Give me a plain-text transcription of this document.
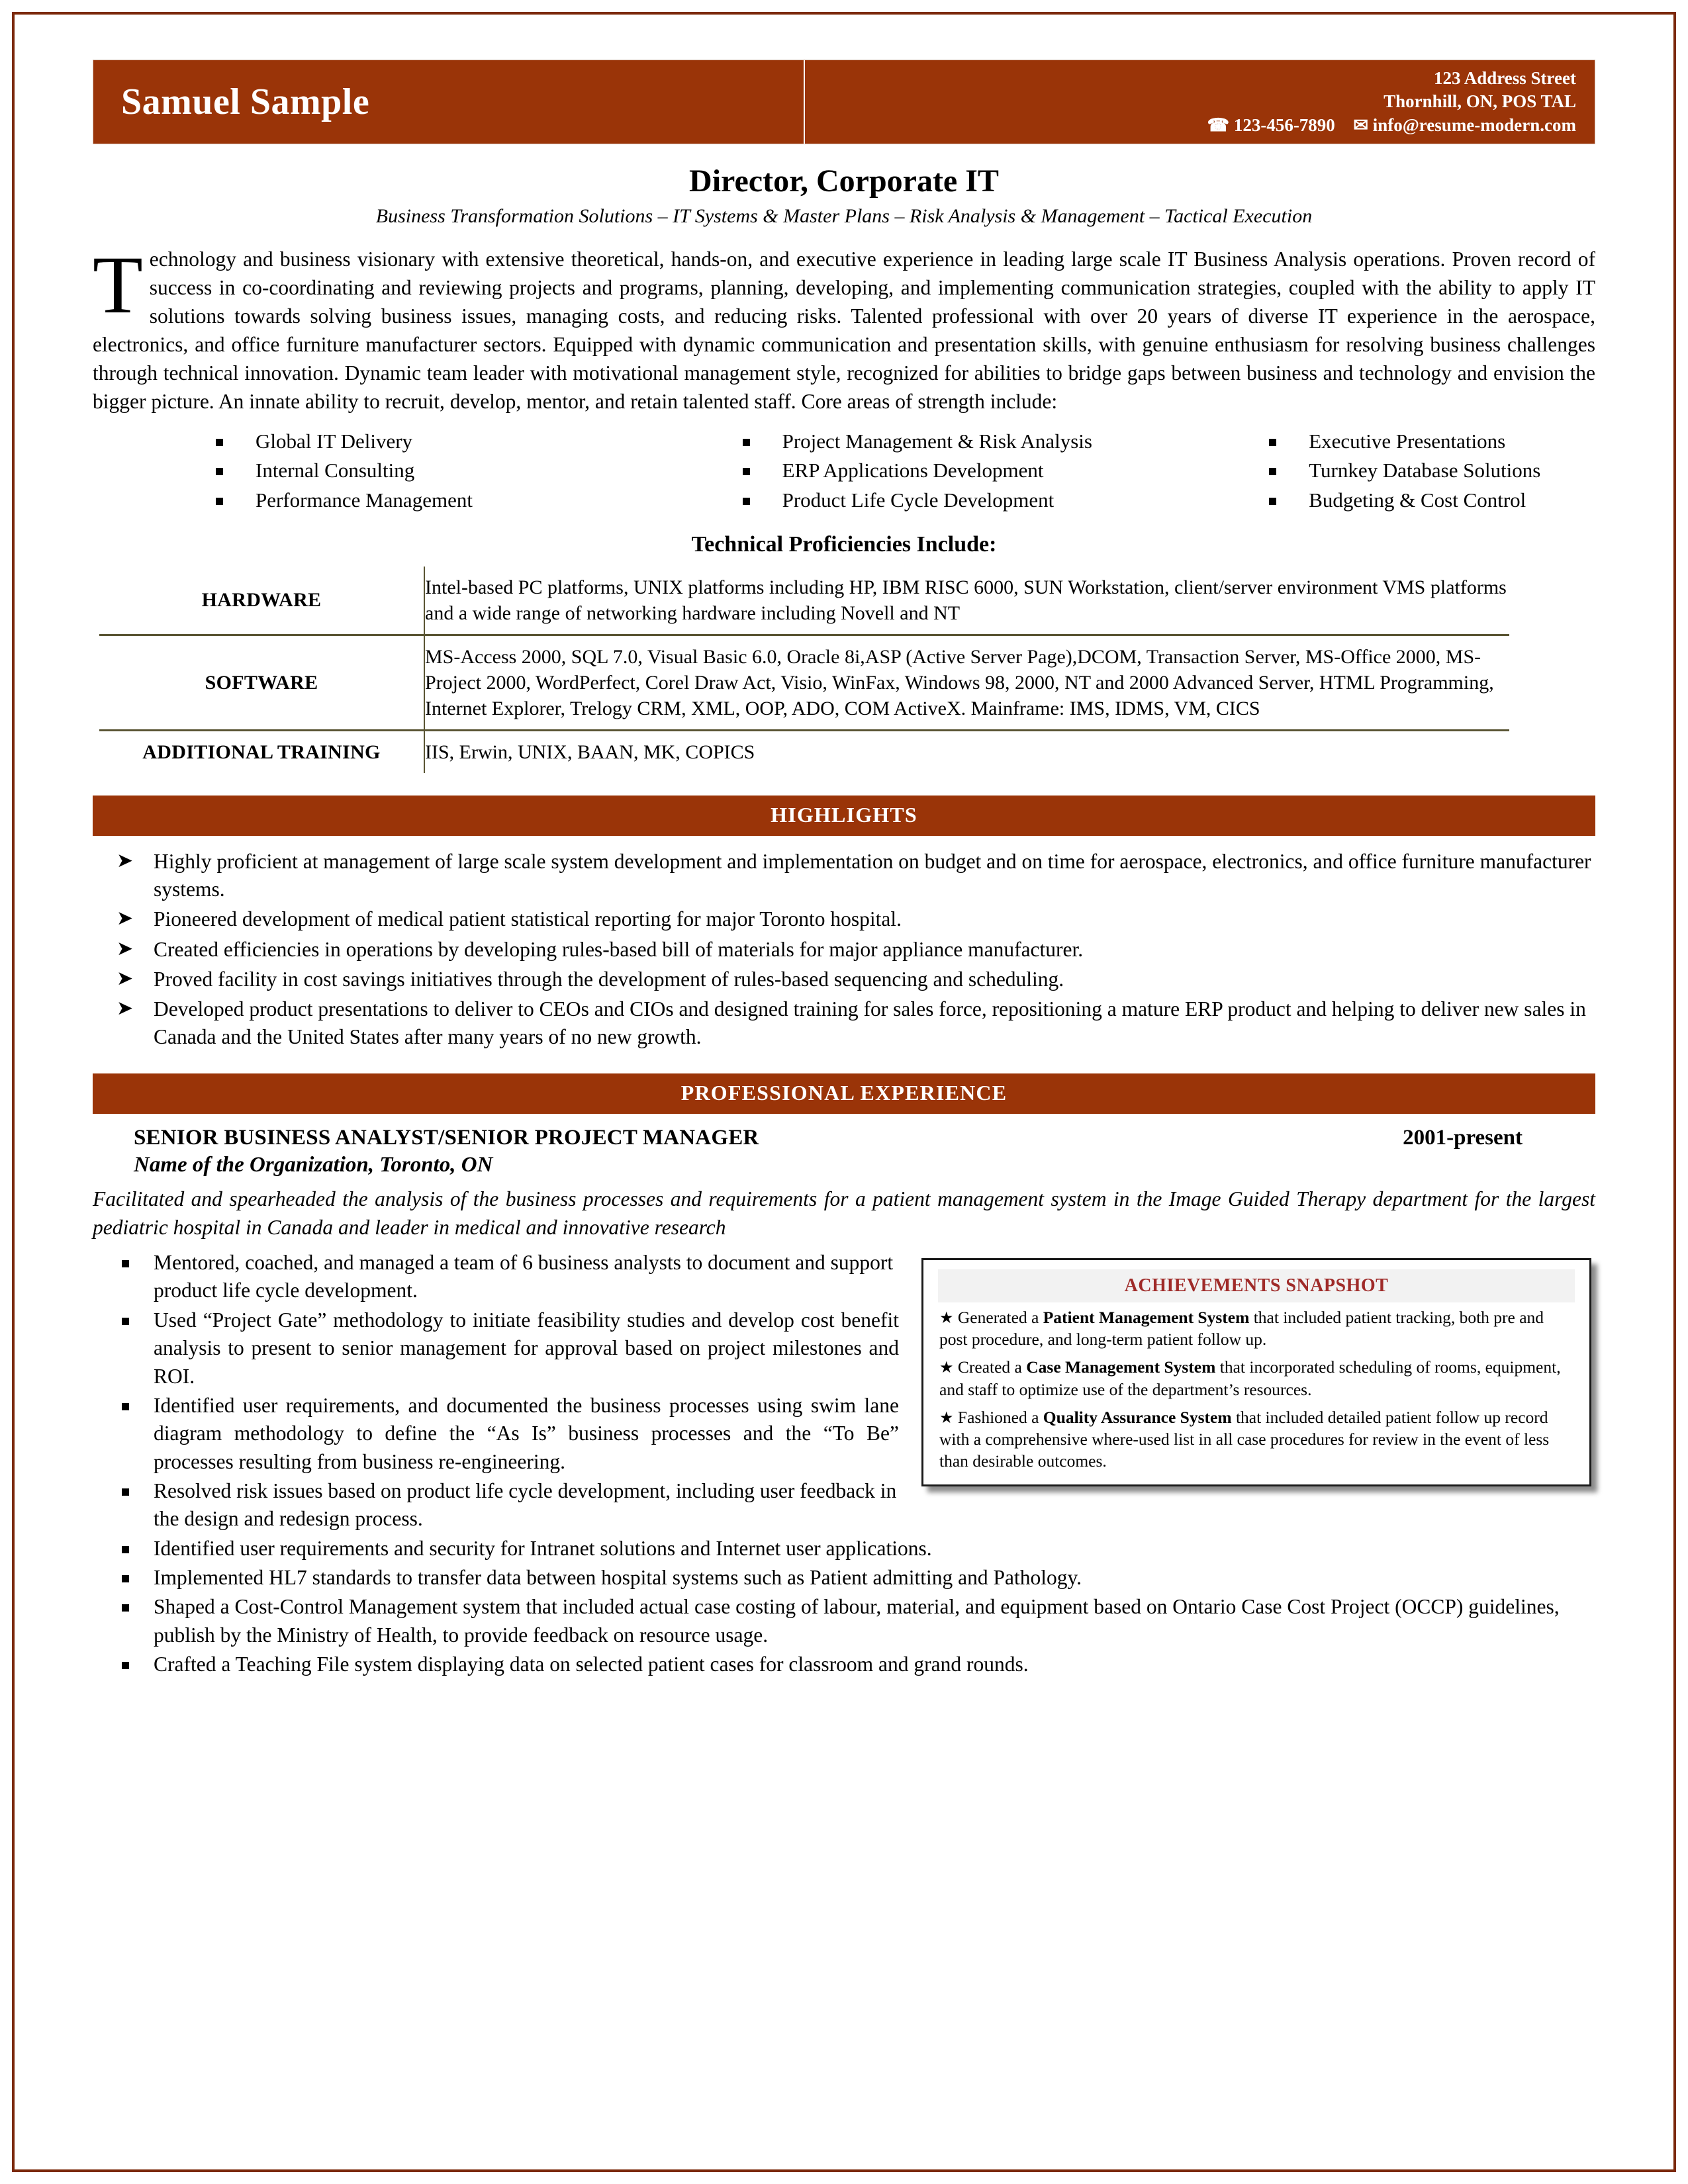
Samuel Sample
123 Address Street
Thornhill, ON, POS TAL
☎ 123-456-7890 ✉ info@resume-modern.com
Director, Corporate IT
Business Transformation Solutions – IT Systems & Master Plans – Risk Analysis & Management – Tactical Execution
Technology and business visionary with extensive theoretical, hands-on, and executive experience in leading large scale IT Business Analysis operations. Proven record of success in co-coordinating and reviewing projects and programs, planning, developing, and implementing communication strategies, coupled with the ability to apply IT solutions towards solving business issues, managing costs, and reducing risks. Talented professional with over 20 years of diverse IT experience in the aerospace, electronics, and office furniture manufacturer sectors. Equipped with dynamic communication and presentation skills, with genuine enthusiasm for resolving business challenges through technical innovation. Dynamic team leader with motivational management style, recognized for abilities to bridge gaps between business and technology and envision the bigger picture. An innate ability to recruit, develop, mentor, and retain talented staff. Core areas of strength include:
Global IT Delivery
Internal Consulting
Performance Management
Project Management & Risk Analysis
ERP Applications Development
Product Life Cycle Development
Executive Presentations
Turnkey Database Solutions
Budgeting & Cost Control
Technical Proficiencies Include:
HARDWARE	Intel-based PC platforms, UNIX platforms including HP, IBM RISC 6000, SUN Workstation, client/server environment VMS platforms and a wide range of networking hardware including Novell and NT
SOFTWARE	MS-Access 2000, SQL 7.0, Visual Basic 6.0, Oracle 8i,ASP (Active Server Page),DCOM, Transaction Server, MS-Office 2000, MS-Project 2000, WordPerfect, Corel Draw Act, Visio, WinFax, Windows 98, 2000, NT and 2000 Advanced Server, HTML Programming, Internet Explorer, Trelogy CRM, XML, OOP, ADO, COM ActiveX. Mainframe: IMS, IDMS, VM, CICS
ADDITIONAL TRAINING	IIS, Erwin, UNIX, BAAN, MK, COPICS
HIGHLIGHTS
➤ Highly proficient at management of large scale system development and implementation on budget and on time for aerospace, electronics, and office furniture manufacturer systems.
➤ Pioneered development of medical patient statistical reporting for major Toronto hospital.
➤ Created efficiencies in operations by developing rules-based bill of materials for major appliance manufacturer.
➤ Proved facility in cost savings initiatives through the development of rules-based sequencing and scheduling.
➤ Developed product presentations to deliver to CEOs and CIOs and designed training for sales force, repositioning a mature ERP product and helping to deliver new sales in Canada and the United States after many years of no new growth.
PROFESSIONAL EXPERIENCE
SENIOR BUSINESS ANALYST/SENIOR PROJECT MANAGER	2001-present
Name of the Organization, Toronto, ON
Facilitated and spearheaded the analysis of the business processes and requirements for a patient management system in the Image Guided Therapy department for the largest pediatric hospital in Canada and leader in medical and innovative research
ACHIEVEMENTS SNAPSHOT
★ Generated a Patient Management System that included patient tracking, both pre and post procedure, and long-term patient follow up.
★ Created a Case Management System that incorporated scheduling of rooms, equipment, and staff to optimize use of the department’s resources.
★ Fashioned a Quality Assurance System that included detailed patient follow up record with a comprehensive where-used list in all case procedures for review in the event of less than desirable outcomes.
Mentored, coached, and managed a team of 6 business analysts to document and support product life cycle development.
Used “Project Gate” methodology to initiate feasibility studies and develop cost benefit analysis to present to senior management for approval based on project milestones and ROI.
Identified user requirements, and documented the business processes using swim lane diagram methodology to define the “As Is” business processes and the “To Be” processes resulting from business re-engineering.
Resolved risk issues based on product life cycle development, including user feedback in the design and redesign process.
Identified user requirements and security for Intranet solutions and Internet user applications.
Implemented HL7 standards to transfer data between hospital systems such as Patient admitting and Pathology.
Shaped a Cost-Control Management system that included actual case costing of labour, material, and equipment based on Ontario Case Cost Project (OCCP) guidelines, publish by the Ministry of Health, to provide feedback on resource usage.
Crafted a Teaching File system displaying data on selected patient cases for classroom and grand rounds.
